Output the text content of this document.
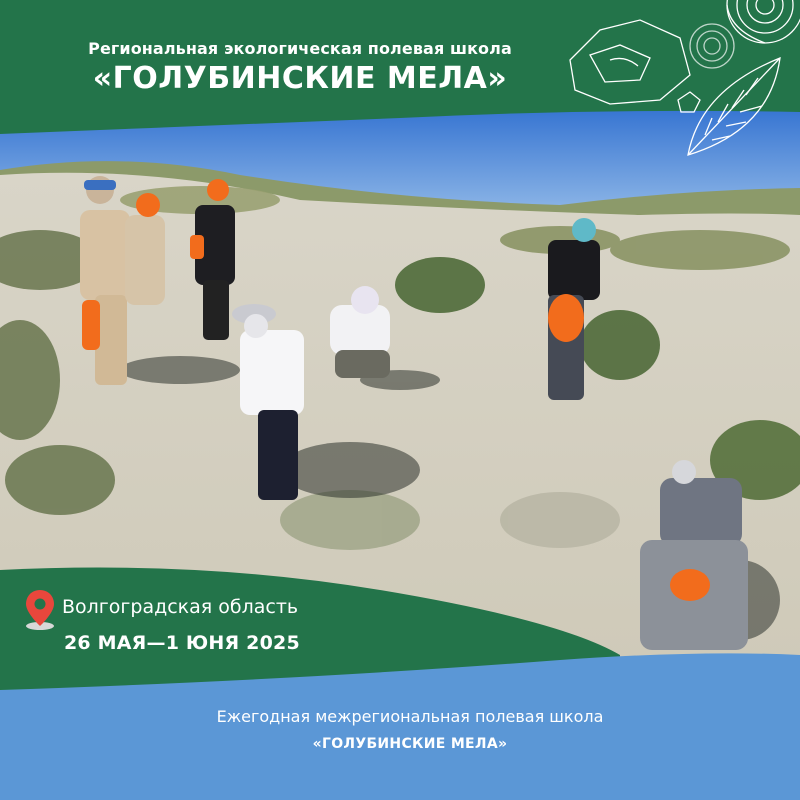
Региональная экологическая полевая школа
«ГОЛУБИНСКИЕ МЕЛА»
Волгоградская область
26 МАЯ—1 ЮНЯ 2025
Ежегодная межрегиональная полевая школа
«ГОЛУБИНСКИЕ МЕЛА»
